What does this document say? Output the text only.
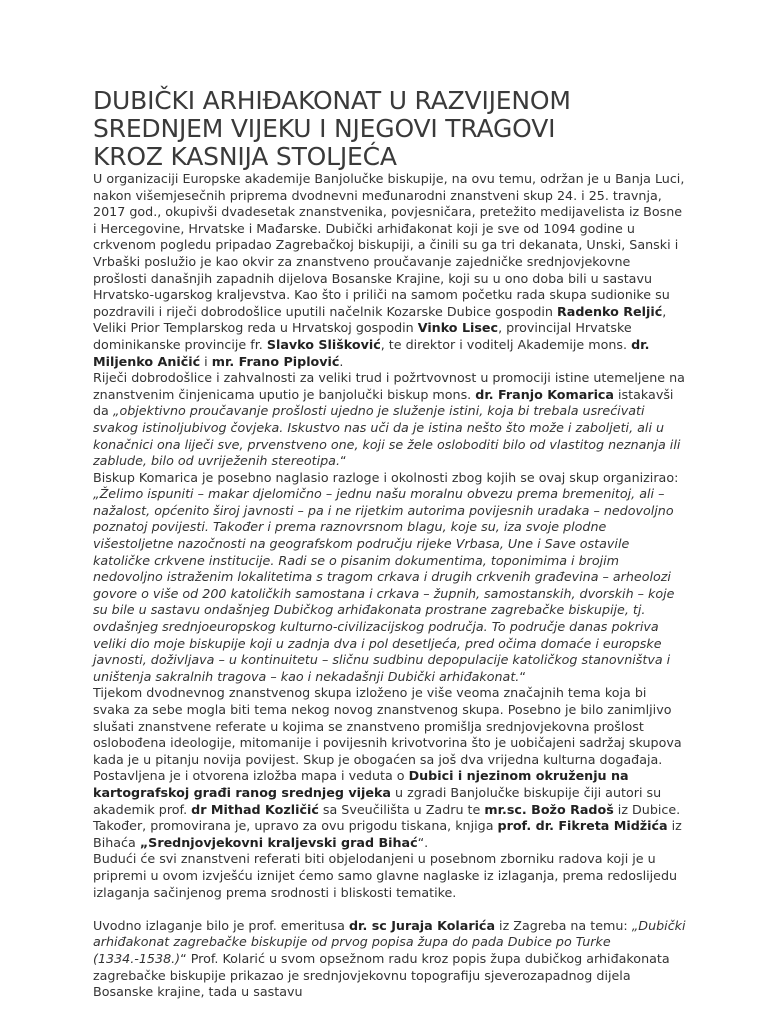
DUBIČKI ARHIĐAKONAT U RAZVIJENOM
SREDNJEM VIJEKU I NJEGOVI TRAGOVI
KROZ KASNIJA STOLJEĆA

U organizaciji Europske akademije Banjolučke biskupije, na ovu temu, održan je u Banja Luci, nakon višemjesečnih priprema dvodnevni međunarodni znanstveni skup 24. i 25. travnja, 2017 god., okupivši dvadesetak znanstvenika, povjesničara, pretežito medijavelista iz Bosne i Hercegovine, Hrvatske i Mađarske. Dubički arhiđakonat koji je sve od 1094 godine u crkvenom pogledu pripadao Zagrebačkoj biskupiji, a činili su ga tri dekanata, Unski, Sanski i Vrbaški poslužio je kao okvir za znanstveno proučavanje zajedničke srednjovjekovne prošlosti današnjih zapadnih dijelova Bosanske Krajine, koji su u ono doba bili u sastavu Hrvatsko-ugarskog kraljevstva. Kao što i priliči na samom početku rada skupa sudionike su pozdravili i riječi dobrodošlice uputili načelnik Kozarske Dubice gospodin Radenko Reljić, Veliki Prior Templarskog reda u Hrvatskoj gospodin Vinko Lisec, provincijal Hrvatske dominikanske provincije fr. Slavko Slišković, te direktor i voditelj Akademije mons. dr. Miljenko Aničić i mr. Frano Piplović.

Riječi dobrodošlice i zahvalnosti za veliki trud i požrtvovnost u promociji istine utemeljene na znanstvenim činjenicama uputio je banjolučki biskup mons. dr. Franjo Komarica istakavši da „objektivno proučavanje prošlosti ujedno je služenje istini, koja bi trebala usrećivati svakog istinoljubivog čovjeka. Iskustvo nas uči da je istina nešto što može i zabolјeti, ali u konačnici ona liječi sve, prvenstveno one, koji se žele osloboditi bilo od vlastitog neznanja ili zablude, bilo od uvriježenih stereotipa.“

Biskup Komarica je posebno naglasio razloge i okolnosti zbog kojih se ovaj skup organizirao: „Želimo ispuniti – makar djelomično – jednu našu moralnu obvezu prema bremenitoj, ali – nažalost, općenito široj javnosti – pa i ne rijetkim autorima povijesnih uradaka – nedovoljno poznatoj povijesti. Također i prema raznovrsnom blagu, koje su, iza svoje plodne višestoljetne nazočnosti na geografskom području rijeke Vrbasa, Une i Save ostavile katoličke crkvene institucije. Radi se o pisanim dokumentima, toponimima i brojim nedovoljno istraženim lokalitetima s tragom crkava i drugih crkvenih građevina – arheolozi govore o više od 200 katoličkih samostana i crkava – župnih, samostanskih, dvorskih – koje su bile u sastavu ondašnjeg Dubičkog arhiđakonata prostrane zagrebačke biskupije, tj. ovdašnjeg srednjoeuropskog kulturno-civilizacijskog područja. To područje danas pokriva veliki dio moje biskupije koji u zadnja dva i pol desetljeća, pred očima domaće i europske javnosti, doživljava – u kontinuitetu – sličnu sudbinu depopulacije katoličkog stanovništva i uništenja sakralnih tragova – kao i nekadašnji Dubički arhiđakonat.“

Tijekom dvodnevnog znanstvenog skupa izloženo je više veoma značajnih tema koja bi svaka za sebe mogla biti tema nekog novog znanstvenog skupa. Posebno je bilo zanimljivo slušati znanstvene referate u kojima se znanstveno promišlja srednjovjekovna prošlost oslobođena ideologije, mitomanije i povijesnih krivotvorina što je uobičajeni sadržaj skupova kada je u pitanju novija povijest. Skup je obogaćen sa još dva vrijedna kulturna događaja. Postavljena je i otvorena izložba mapa i veduta o Dubici i njezinom okruženju na kartografskoj građi ranog srednjeg vijeka u zgradi Banjolučke biskupije čiji autori su akademik prof. dr Mithad Kozličić sa Sveučilišta u Zadru te mr.sc. Božo Radoš iz Dubice. Također, promovirana je, upravo za ovu prigodu tiskana, knjiga prof. dr. Fikreta Midžića iz Bihaća „Srednjovjekovni kraljevski grad Bihać“.

Budući će svi znanstveni referati biti objelodanjeni u posebnom zborniku radova koji je u pripremi u ovom izvješću iznijet ćemo samo glavne naglaske iz izlaganja, prema redoslijedu izlaganja sačinjenog prema srodnosti i bliskosti tematike.

Uvodno izlaganje bilo je prof. emeritusa dr. sc Juraja Kolarića iz Zagreba na temu: „Dubički arhiđakonat zagrebačke biskupije od prvog popisa župa do pada Dubice po Turke (1334.-1538.)“ Prof. Kolarić u svom opsežnom radu kroz popis župa dubičkog arhiđakonata zagrebačke biskupije prikazao je srednjovjekovnu topografiju sjeverozapadnog dijela Bosanske krajine, tada u sastavu
